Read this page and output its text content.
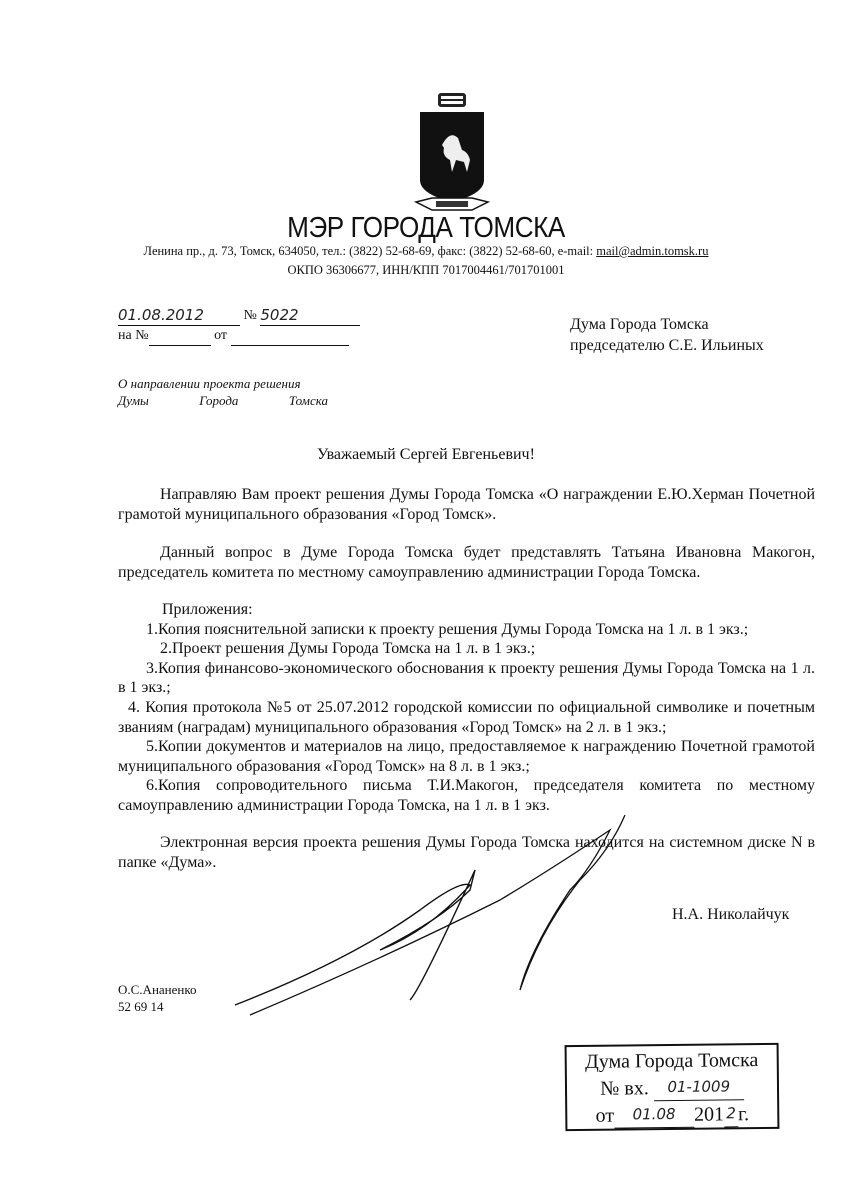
МЭР ГОРОДА ТОМСКА
Ленина пр., д. 73, Томск, 634050, тел.: (3822) 52-68-69, факс: (3822) 52-68-60, e-mail: mail@admin.tomsk.ru
ОКПО 36306677, ИНН/КПП 7017004461/701701001
01.08.2012	№ 5022
на №	от
Дума Города Томска
председателю С.Е. Ильиных
О направлении проекта решения
Думы	Города	Томска
Уважаемый Сергей Евгеньевич!

Направляю Вам проект решения Думы Города Томска «О награждении Е.Ю.Херман Почетной грамотой муниципального образования «Город Томск».

Данный вопрос в Думе Города Томска будет представлять Татьяна Ивановна Макогон, председатель комитета по местному самоуправлению администрации Города Томска.

Приложения:
1.Копия пояснительной записки к проекту решения Думы Города Томска на 1 л. в 1 экз.;
2.Проект решения Думы Города Томска на 1 л. в 1 экз.;
3.Копия финансово-экономического обоснования к проекту решения Думы Города Томска на 1 л. в 1 экз.;
4. Копия протокола №5 от 25.07.2012 городской комиссии по официальной символике и почетным званиям (наградам) муниципального образования «Город Томск» на 2 л. в 1 экз.;
5.Копии документов и материалов на лицо, предоставляемое к награждению Почетной грамотой муниципального образования «Город Томск» на 8 л. в 1 экз.;
6.Копия сопроводительного письма Т.И.Макогон, председателя комитета по местному самоуправлению администрации Города Томска, на 1 л. в 1 экз.

Электронная версия проекта решения Думы Города Томска находится на системном диске N в папке «Дума».

Н.А. Николайчук
О.С.Ананенко
52 69 14
Дума Города Томска
№ вх. 01-1009
от 01.08 201 2 г.
